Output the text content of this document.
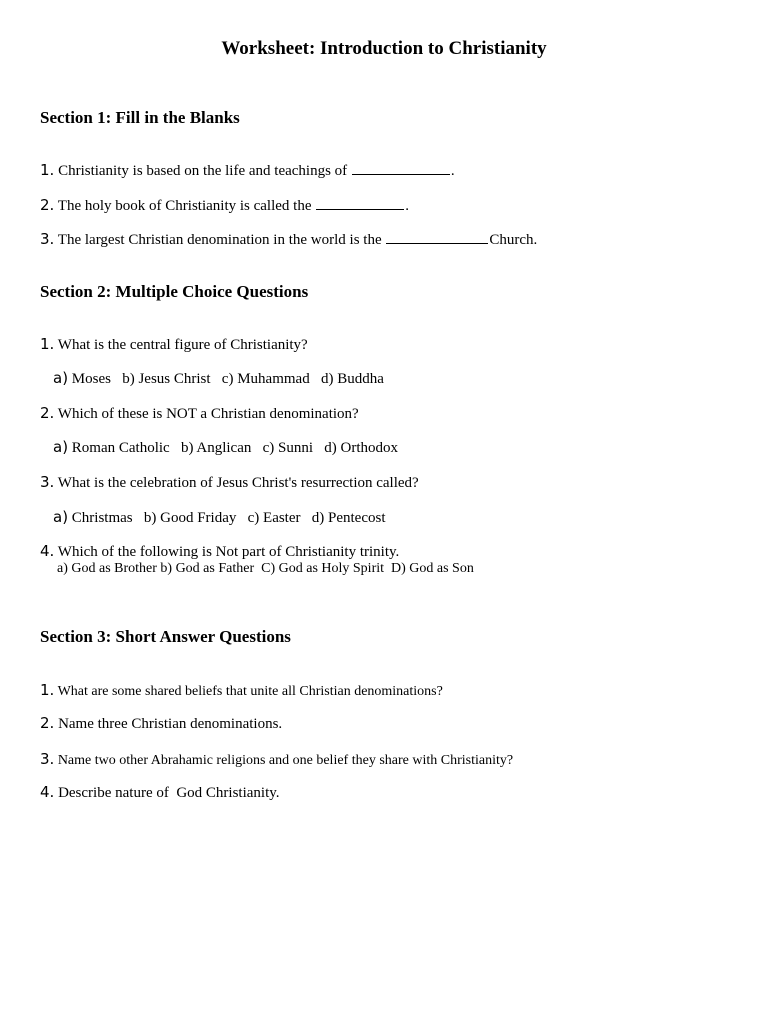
Worksheet: Introduction to Christianity
Section 1: Fill in the Blanks
1. Christianity is based on the life and teachings of	.
2. The holy book of Christianity is called the	.
3. The largest Christian denomination in the world is the	Church.
Section 2: Multiple Choice Questions
1. What is the central figure of Christianity?
a) Moses   b) Jesus Christ   c) Muhammad   d) Buddha
2. Which of these is NOT a Christian denomination?
a) Roman Catholic   b) Anglican   c) Sunni   d) Orthodox
3. What is the celebration of Jesus Christ's resurrection called?
a) Christmas   b) Good Friday   c) Easter   d) Pentecost
4. Which of the following is Not part of Christianity trinity.
a) God as Brother b) God as Father  C) God as Holy Spirit  D) God as Son
Section 3: Short Answer Questions
1. What are some shared beliefs that unite all Christian denominations?
2. Name three Christian denominations.
3. Name two other Abrahamic religions and one belief they share with Christianity?
4. Describe nature of  God Christianity.
